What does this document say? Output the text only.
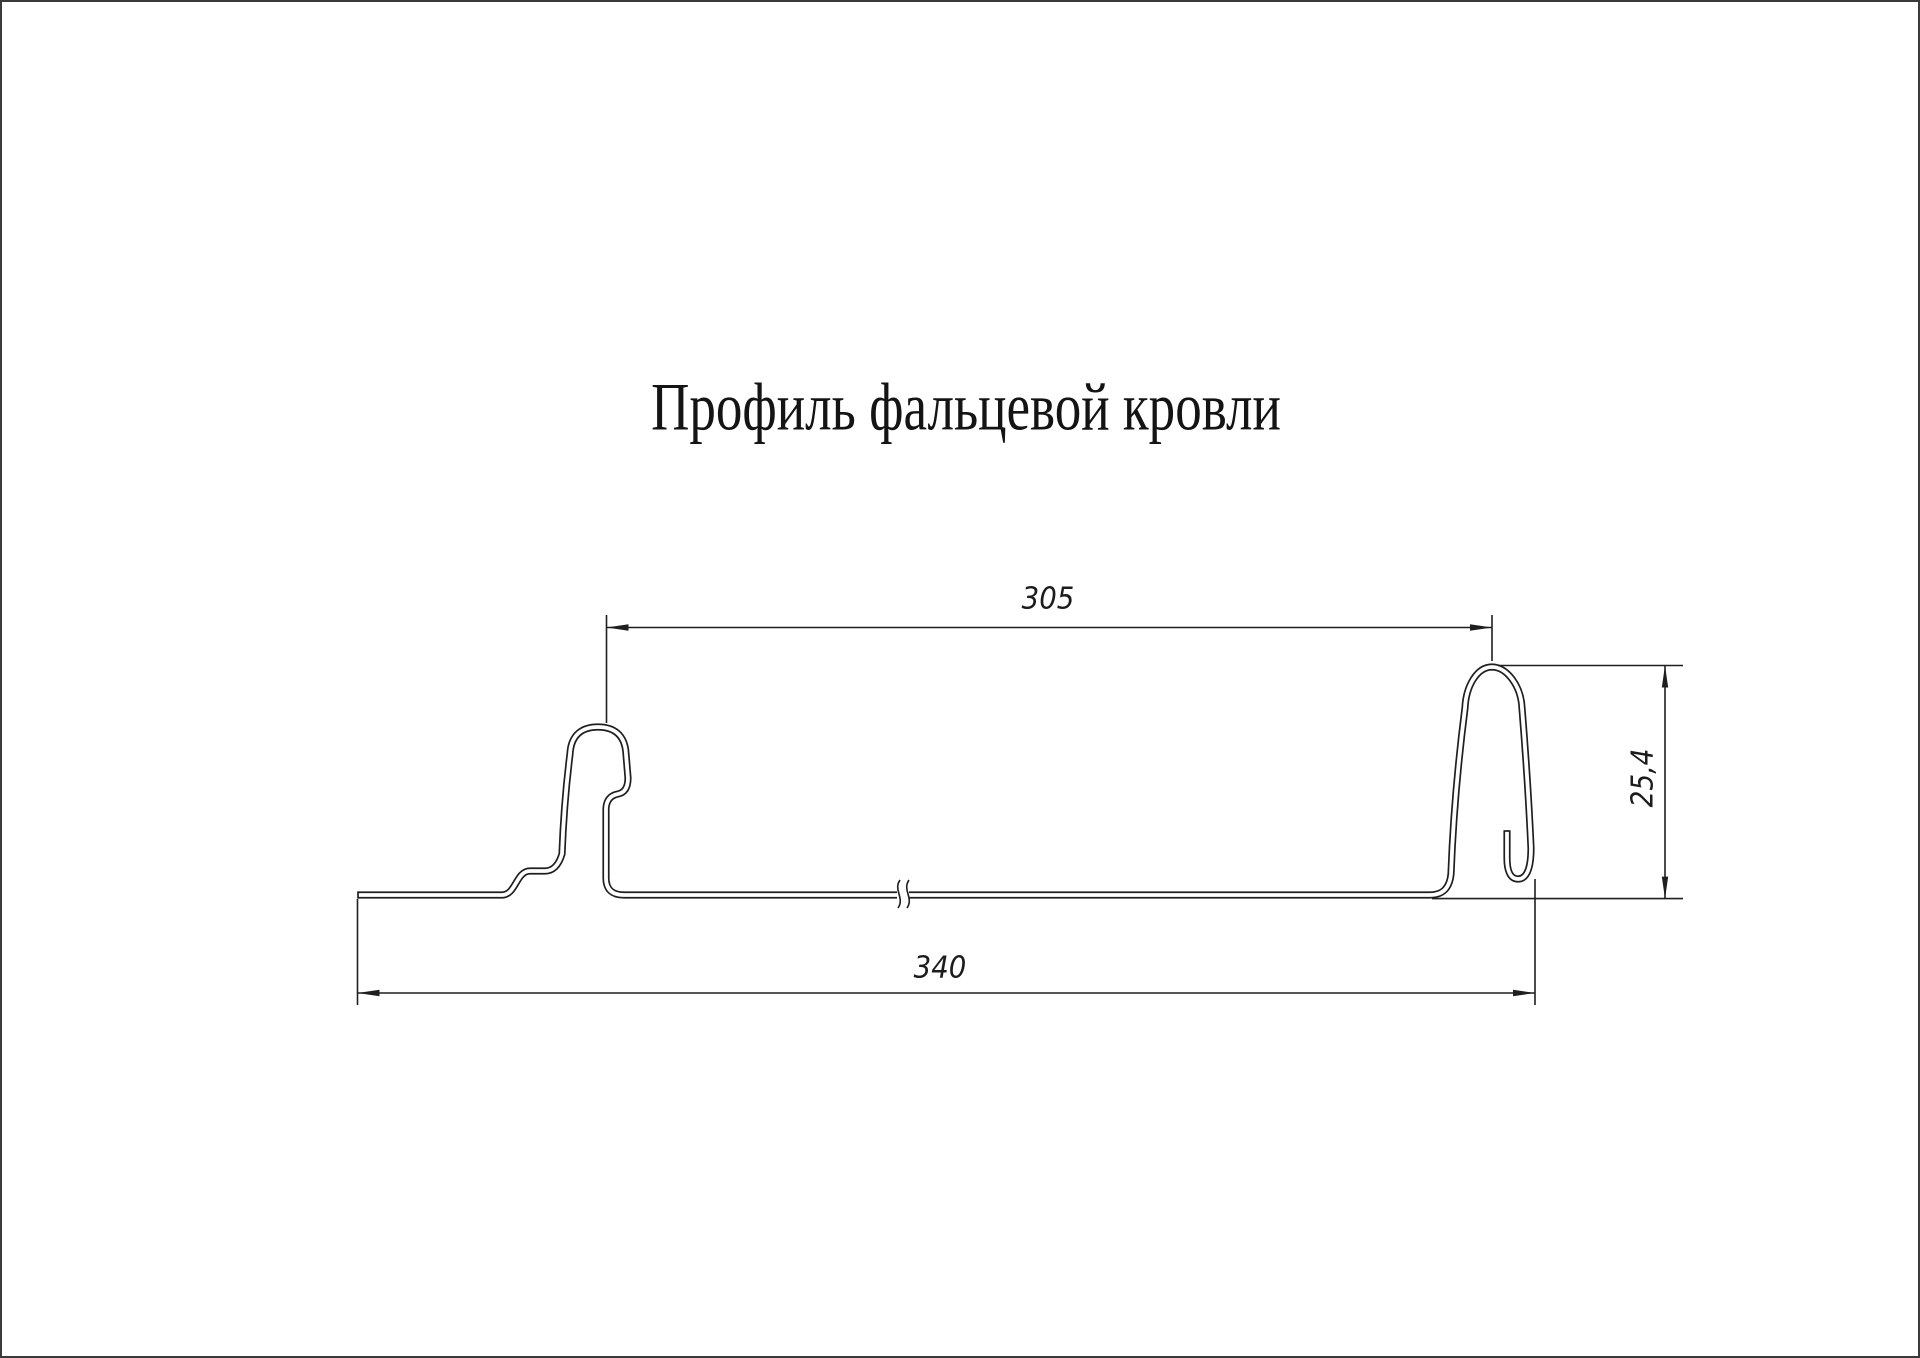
Профиль фальцевой кровли
305
340
25,4
